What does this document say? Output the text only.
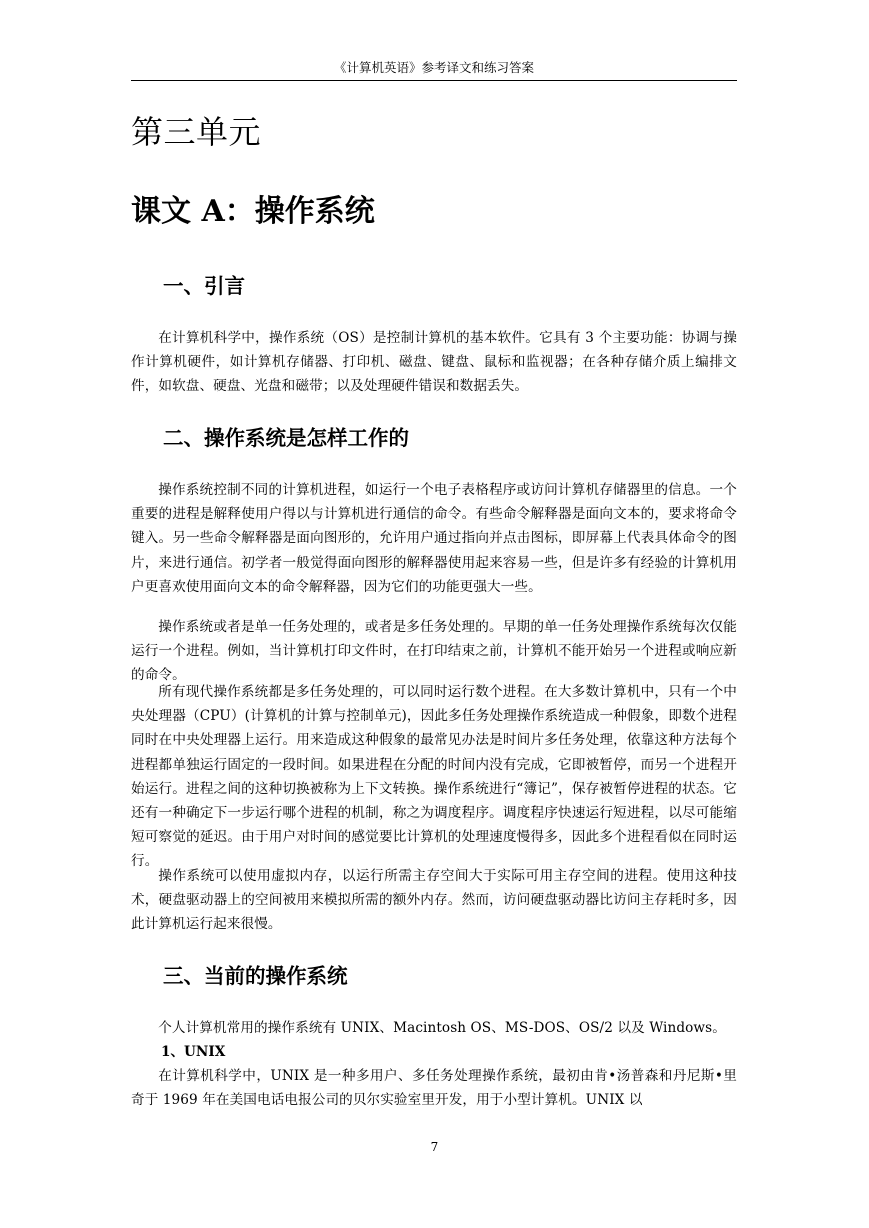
《计算机英语》参考译文和练习答案
第三单元
课文 A：操作系统
一、引言

在计算机科学中，操作系统（OS）是控制计算机的基本软件。它具有 3 个主要功能：协调与操作计算机硬件，如计算机存储器、打印机、磁盘、键盘、鼠标和监视器；在各种存储介质上编排文件，如软盘、硬盘、光盘和磁带；以及处理硬件错误和数据丢失。

二、操作系统是怎样工作的

操作系统控制不同的计算机进程，如运行一个电子表格程序或访问计算机存储器里的信息。一个重要的进程是解释使用户得以与计算机进行通信的命令。有些命令解释器是面向文本的，要求将命令键入。另一些命令解释器是面向图形的，允许用户通过指向并点击图标，即屏幕上代表具体命令的图片，来进行通信。初学者一般觉得面向图形的解释器使用起来容易一些，但是许多有经验的计算机用户更喜欢使用面向文本的命令解释器，因为它们的功能更强大一些。

操作系统或者是单一任务处理的，或者是多任务处理的。早期的单一任务处理操作系统每次仅能运行一个进程。例如，当计算机打印文件时，在打印结束之前，计算机不能开始另一个进程或响应新的命令。

所有现代操作系统都是多任务处理的，可以同时运行数个进程。在大多数计算机中，只有一个中央处理器（CPU）(计算机的计算与控制单元)，因此多任务处理操作系统造成一种假象，即数个进程同时在中央处理器上运行。用来造成这种假象的最常见办法是时间片多任务处理，依靠这种方法每个进程都单独运行固定的一段时间。如果进程在分配的时间内没有完成，它即被暂停，而另一个进程开始运行。进程之间的这种切换被称为上下文转换。操作系统进行“簿记”，保存被暂停进程的状态。它还有一种确定下一步运行哪个进程的机制，称之为调度程序。调度程序快速运行短进程，以尽可能缩短可察觉的延迟。由于用户对时间的感觉要比计算机的处理速度慢得多，因此多个进程看似在同时运行。

操作系统可以使用虚拟内存，以运行所需主存空间大于实际可用主存空间的进程。使用这种技术，硬盘驱动器上的空间被用来模拟所需的额外内存。然而，访问硬盘驱动器比访问主存耗时多，因此计算机运行起来很慢。

三、当前的操作系统

个人计算机常用的操作系统有 UNIX、Macintosh OS、MS-DOS、OS/2 以及 Windows。

1、UNIX

在计算机科学中，UNIX 是一种多用户、多任务处理操作系统，最初由肯•汤普森和丹尼斯•里奇于 1969 年在美国电话电报公司的贝尔实验室里开发，用于小型计算机。UNIX 以

7
